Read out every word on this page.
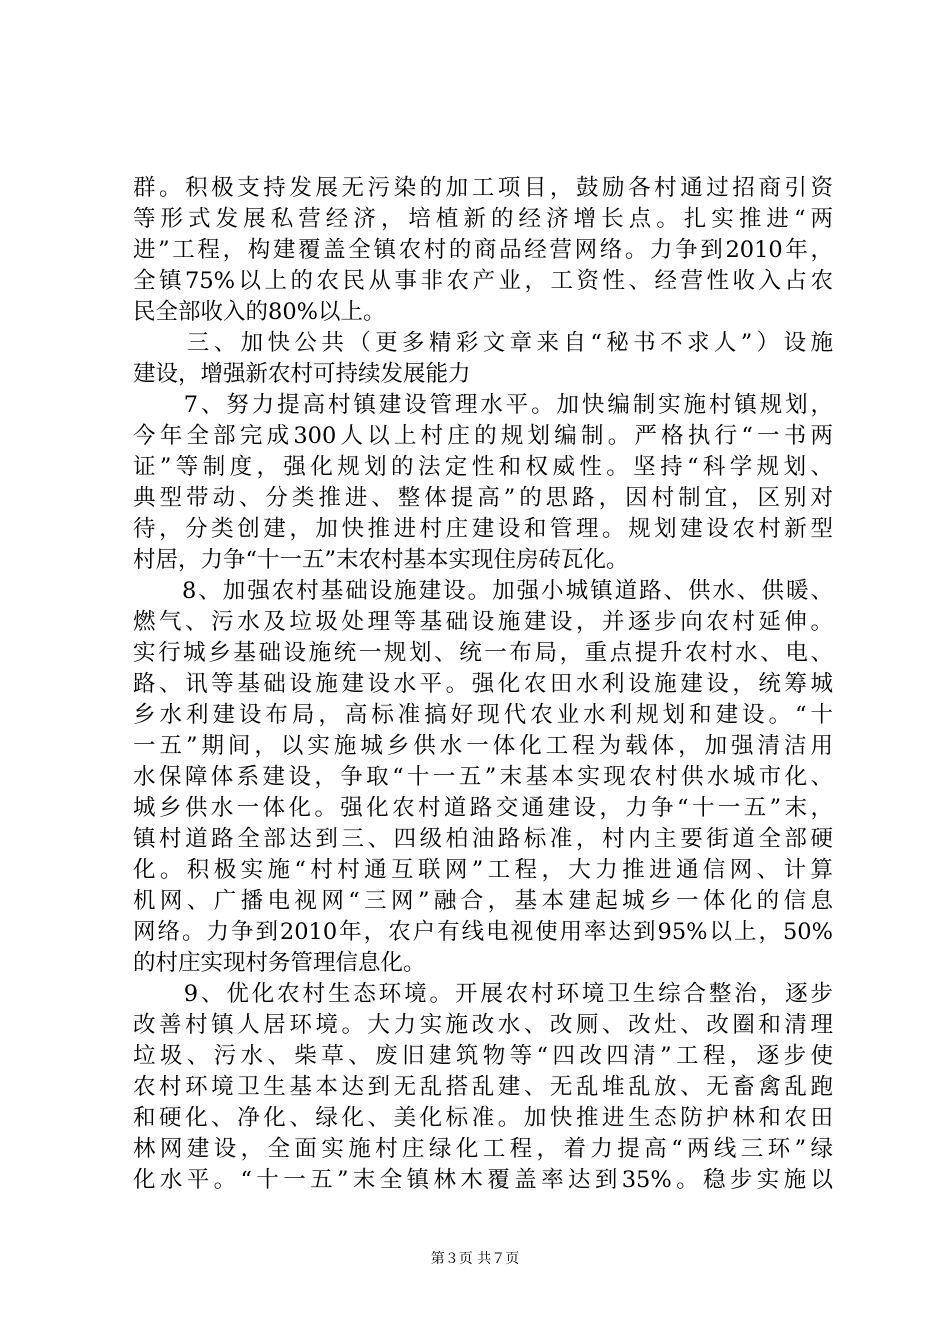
群。积极支持发展无污染的加工项目，鼓励各村通过招商引资
等形式发展私营经济，培植新的经济增长点。扎实推进“两
进”工程，构建覆盖全镇农村的商品经营网络。力争到2010年，
全镇75%以上的农民从事非农产业，工资性、经营性收入占农
民全部收入的80%以上。
　　三、加快公共（更多精彩文章来自“秘书不求人”）设施
建设，增强新农村可持续发展能力
　　7、努力提高村镇建设管理水平。加快编制实施村镇规划，
今年全部完成300人以上村庄的规划编制。严格执行“一书两
证”等制度，强化规划的法定性和权威性。坚持“科学规划、
典型带动、分类推进、整体提高”的思路，因村制宜，区别对
待，分类创建，加快推进村庄建设和管理。规划建设农村新型
村居，力争“十一五”末农村基本实现住房砖瓦化。
　　8、加强农村基础设施建设。加强小城镇道路、供水、供暖、
燃气、污水及垃圾处理等基础设施建设，并逐步向农村延伸。
实行城乡基础设施统一规划、统一布局，重点提升农村水、电、
路、讯等基础设施建设水平。强化农田水利设施建设，统筹城
乡水利建设布局，高标准搞好现代农业水利规划和建设。“十
一五”期间，以实施城乡供水一体化工程为载体，加强清洁用
水保障体系建设，争取“十一五”末基本实现农村供水城市化、
城乡供水一体化。强化农村道路交通建设，力争“十一五”末，
镇村道路全部达到三、四级柏油路标准，村内主要街道全部硬
化。积极实施“村村通互联网”工程，大力推进通信网、计算
机网、广播电视网“三网”融合，基本建起城乡一体化的信息
网络。力争到2010年，农户有线电视使用率达到95%以上，50%
的村庄实现村务管理信息化。
　　9、优化农村生态环境。开展农村环境卫生综合整治，逐步
改善村镇人居环境。大力实施改水、改厕、改灶、改圈和清理
垃圾、污水、柴草、废旧建筑物等“四改四清”工程，逐步使
农村环境卫生基本达到无乱搭乱建、无乱堆乱放、无畜禽乱跑
和硬化、净化、绿化、美化标准。加快推进生态防护林和农田
林网建设，全面实施村庄绿化工程，着力提高“两线三环”绿
化水平。“十一五”末全镇林木覆盖率达到35%。稳步实施以
第３页 共７页
